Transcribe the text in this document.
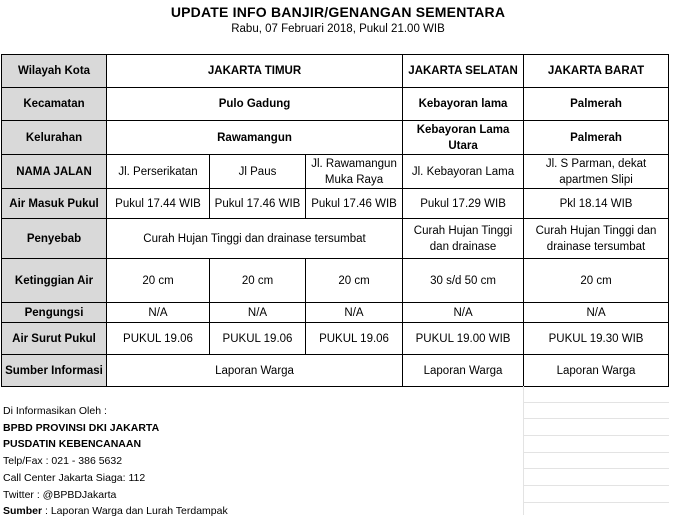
UPDATE INFO BANJIR/GENANGAN SEMENTARA
Rabu, 07 Februari 2018, Pukul 21.00 WIB
Wilayah Kota	JAKARTA TIMUR			JAKARTA SELATAN	JAKARTA BARAT
Kecamatan	Pulo Gadung			Kebayoran lama	Palmerah
Kelurahan	Rawamangun			Kebayoran Lama Utara	Palmerah
NAMA JALAN	Jl. Perserikatan	Jl Paus	Jl. Rawamangun Muka Raya	Jl. Kebayoran Lama	Jl. S Parman, dekat apartmen Slipi
Air Masuk Pukul	Pukul 17.44 WIB	Pukul 17.46 WIB	Pukul 17.46 WIB	Pukul 17.29 WIB	Pkl 18.14 WIB
Penyebab	Curah Hujan Tinggi dan drainase tersumbat			Curah Hujan Tinggi dan drainase	Curah Hujan Tinggi dan drainase tersumbat
Ketinggian Air	20 cm	20 cm	20 cm	30 s/d 50 cm	20 cm
Pengungsi	N/A	N/A	N/A	N/A	N/A
Air Surut Pukul	PUKUL 19.06	PUKUL 19.06	PUKUL 19.06	PUKUL 19.00 WIB	PUKUL 19.30 WIB
Sumber Informasi	Laporan Warga			Laporan Warga	Laporan Warga
Di Informasikan Oleh :
BPBD PROVINSI DKI JAKARTA
PUSDATIN KEBENCANAAN
Telp/Fax : 021 - 386 5632
Call Center Jakarta Siaga: 112
Twitter : @BPBDJakarta
Sumber : Laporan Warga dan Lurah Terdampak
